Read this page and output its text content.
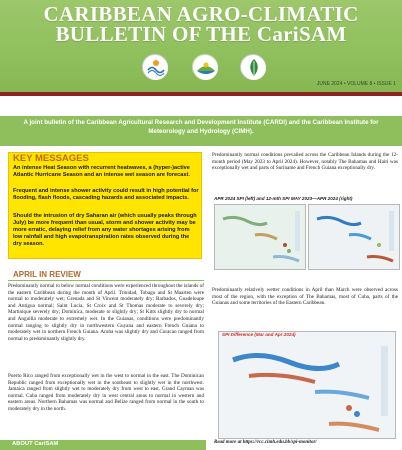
CARIBBEAN AGRO-CLIMATIC
BULLETIN OF THE CariSAM
JUNE 2024 • VOLUME 8 • ISSUE 1
A joint bulletin of the Caribbean Agricultural Research and Development Institute (CARDI) and the Caribbean Institute for Meteorology and Hydrology (CIMH).
KEY MESSAGES
An intense Heat Season with recurrent heatwaves, a (hyper-)active Atlantic Hurricane Season and an intense wet season are forecast.
Frequent and intense shower activity could result in high potential for flooding, flash floods, cascading hazards and associated impacts.
Should the intrusion of dry Saharan air (which usually peaks through July) be more frequent than usual, storm and shower activity may be more erratic, delaying relief from any water shortages arising from low rainfall and high evapotranspiration rates observed during the dry season.
APRIL IN REVIEW
Predominantly normal to below normal conditions were experienced throughout the islands of the eastern Caribbean during the month of April. Trinidad, Tobago and St Maarten were normal to moderately wet; Grenada and St Vincent moderately dry; Barbados, Guadeloupe and Antigua normal; Saint Lucia, St Croix and St Thomas moderate to severely dry; Martinique severely dry; Dominica, moderate to slightly dry; St Kitts slightly dry to normal and Anguilla moderate to extremely wet. In the Guianas, conditions were predominantly normal ranging to slightly dry in northwestern Guyana and eastern French Guiana to moderately wet in northern French Guiana. Aruba was slightly dry and Curacao ranged from normal to predominantly slightly dry.
Puerto Rico ranged from exceptionally wet in the west to normal in the east. The Dominican Republic ranged from exceptionally wet in the southeast to slightly wet in the northwest. Jamaica ranged from slightly wet to moderately dry from west to east. Grand Cayman was normal. Cuba ranged from moderately dry in west central areas to normal in western and eastern areas. Northern Bahamas was normal and Belize ranged from normal in the south to moderately dry in the north.
Predominantly normal conditions prevailed across the Caribbean Islands during the 12-month period (May 2023 to April 2024). However, notably The Bahamas and Haiti was exceptionally wet and parts of Suriname and French Guiana exceptionally dry.
APR 2024 SPI (left) and 12-mth SPI MAY 2023—APR 2024 (right)
Predominantly relatively wetter conditions in April than March were observed across most of the region, with the exception of The Bahamas, most of Cuba, parts of the Guianas and some territories of the Eastern Caribbean.
SPI Difference (Mar and Apr 2024)
Read more at https://rcc.cimh.edu.bb/spi-monitor/
ABOUT CariSAM
